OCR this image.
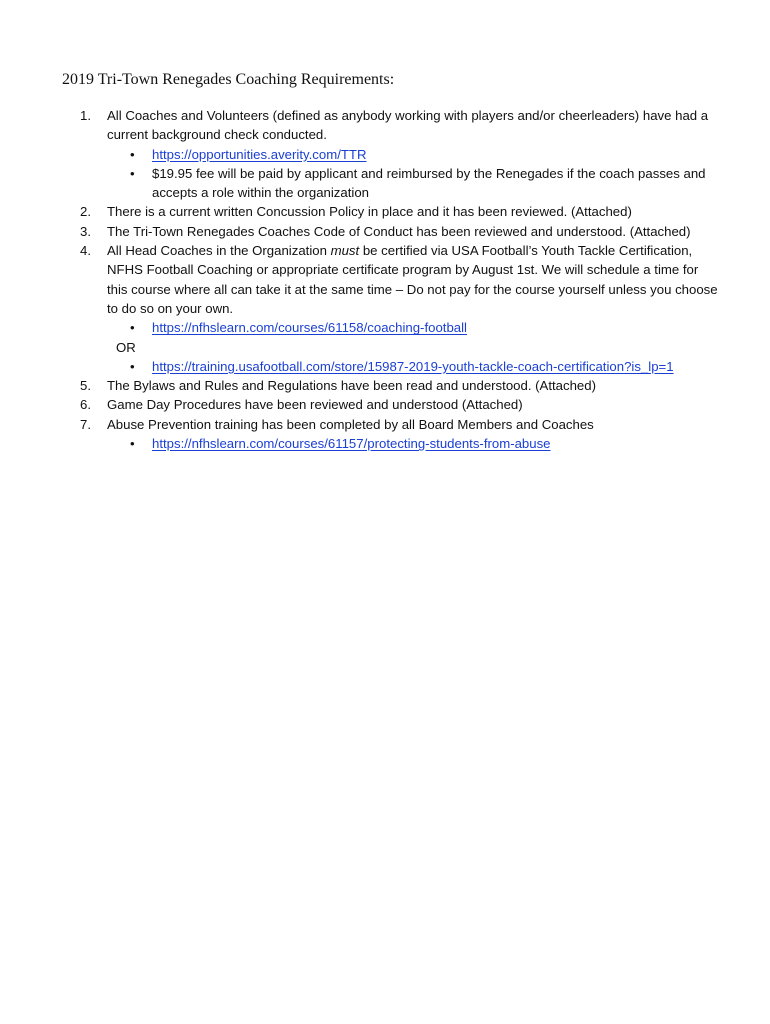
2019 Tri-Town Renegades Coaching Requirements:
1. All Coaches and Volunteers (defined as anybody working with players and/or cheerleaders) have had a current background check conducted.
• https://opportunities.averity.com/TTR
• $19.95 fee will be paid by applicant and reimbursed by the Renegades if the coach passes and accepts a role within the organization
2. There is a current written Concussion Policy in place and it has been reviewed. (Attached)
3. The Tri-Town Renegades Coaches Code of Conduct has been reviewed and understood. (Attached)
4. All Head Coaches in the Organization must be certified via USA Football’s Youth Tackle Certification, NFHS Football Coaching or appropriate certificate program by August 1st. We will schedule a time for this course where all can take it at the same time – Do not pay for the course yourself unless you choose to do so on your own.
• https://nfhslearn.com/courses/61158/coaching-football
OR
• https://training.usafootball.com/store/15987-2019-youth-tackle-coach-certification?is_lp=1
5. The Bylaws and Rules and Regulations have been read and understood. (Attached)
6. Game Day Procedures have been reviewed and understood (Attached)
7. Abuse Prevention training has been completed by all Board Members and Coaches
• https://nfhslearn.com/courses/61157/protecting-students-from-abuse
